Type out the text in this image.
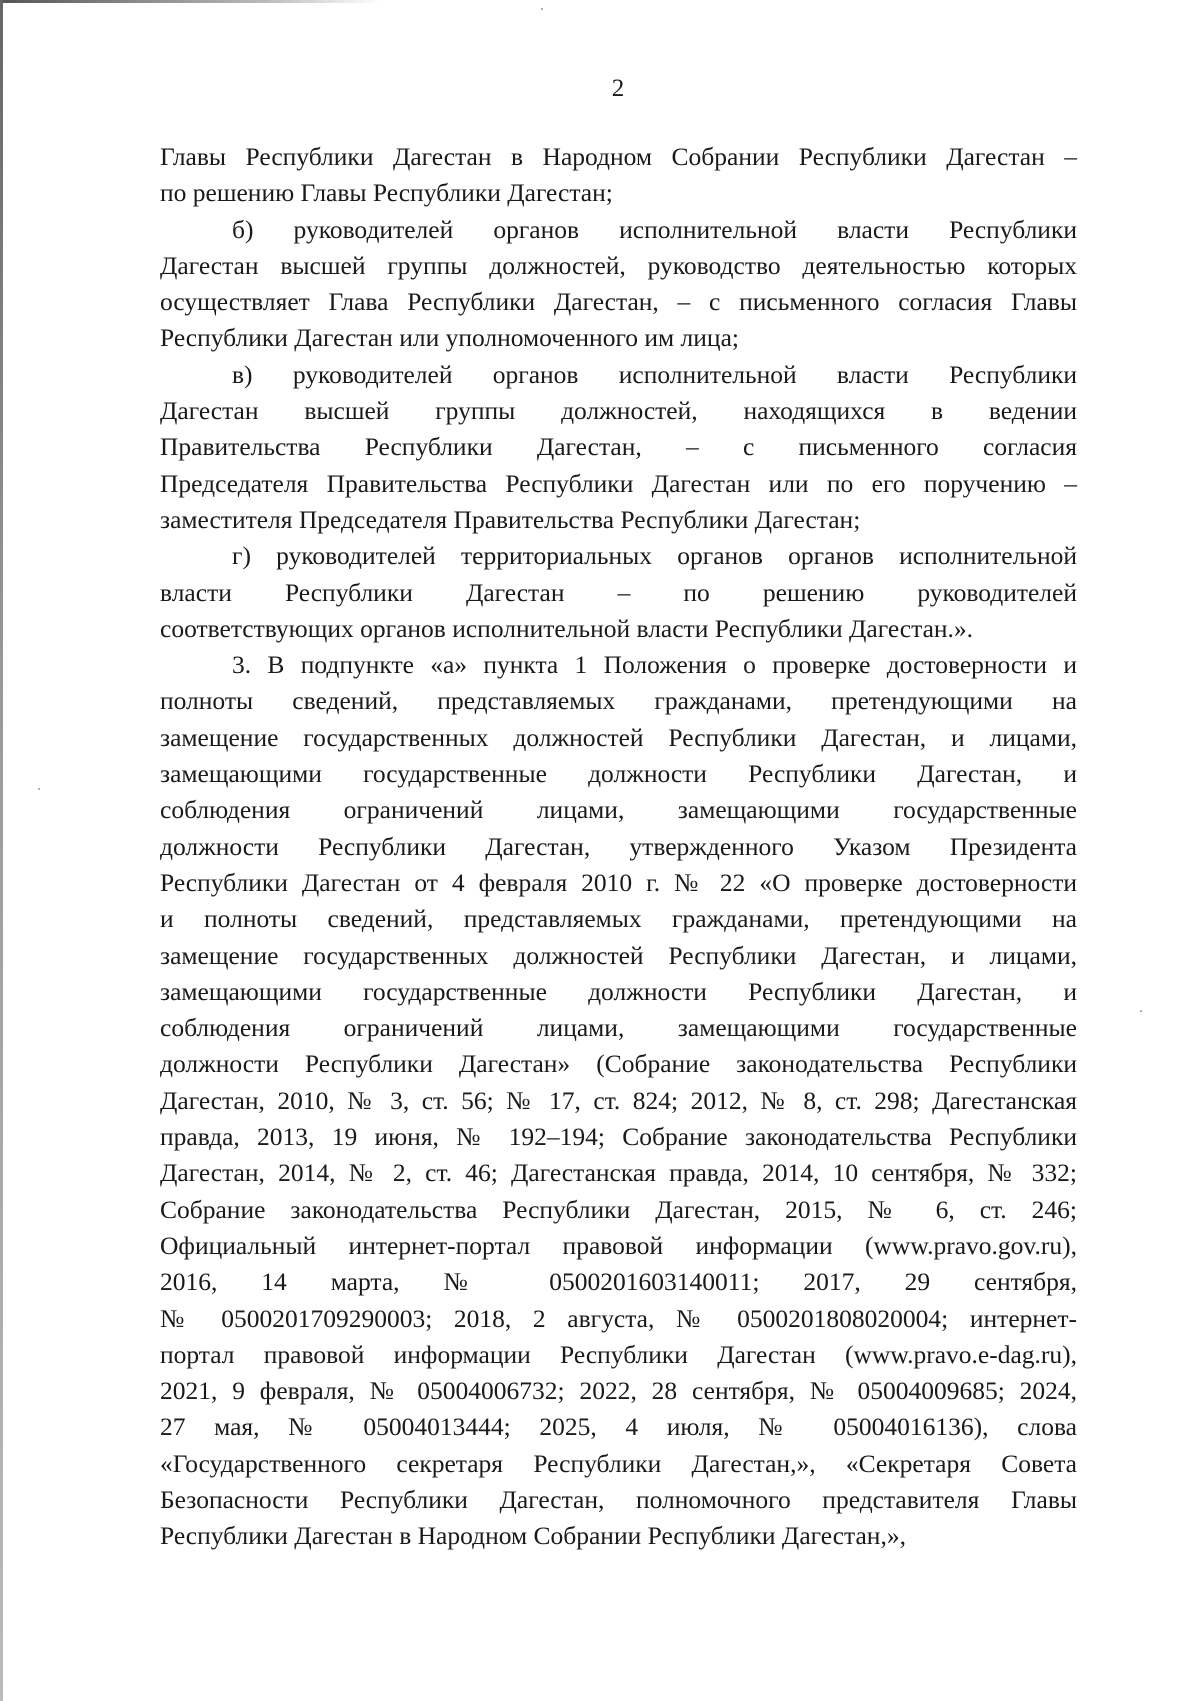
2
Главы Республики Дагестан в Народном Собрании Республики Дагестан –
по решению Главы Республики Дагестан;
б) руководителей органов исполнительной власти Республики
Дагестан высшей группы должностей, руководство деятельностью которых
осуществляет Глава Республики Дагестан, – с письменного согласия Главы
Республики Дагестан или уполномоченного им лица;
в) руководителей органов исполнительной власти Республики
Дагестан высшей группы должностей, находящихся в ведении
Правительства Республики Дагестан, – с письменного согласия
Председателя Правительства Республики Дагестан или по его поручению –
заместителя Председателя Правительства Республики Дагестан;
г) руководителей территориальных органов органов исполнительной
власти Республики Дагестан – по решению руководителей
соответствующих органов исполнительной власти Республики Дагестан.».
3. В подпункте «а» пункта 1 Положения о проверке достоверности и
полноты сведений, представляемых гражданами, претендующими на
замещение государственных должностей Республики Дагестан, и лицами,
замещающими государственные должности Республики Дагестан, и
соблюдения ограничений лицами, замещающими государственные
должности Республики Дагестан, утвержденного Указом Президента
Республики Дагестан от 4 февраля 2010 г. № 22 «О проверке достоверности
и полноты сведений, представляемых гражданами, претендующими на
замещение государственных должностей Республики Дагестан, и лицами,
замещающими государственные должности Республики Дагестан, и
соблюдения ограничений лицами, замещающими государственные
должности Республики Дагестан» (Собрание законодательства Республики
Дагестан, 2010, № 3, ст. 56; № 17, ст. 824; 2012, № 8, ст. 298; Дагестанская
правда, 2013, 19 июня, № 192–194; Собрание законодательства Республики
Дагестан, 2014, № 2, ст. 46; Дагестанская правда, 2014, 10 сентября, № 332;
Собрание законодательства Республики Дагестан, 2015, № 6, ст. 246;
Официальный интернет-портал правовой информации (www.pravo.gov.ru),
2016, 14 марта, № 0500201603140011; 2017, 29 сентября,
№ 0500201709290003; 2018, 2 августа, № 0500201808020004; интернет-
портал правовой информации Республики Дагестан (www.pravo.e-dag.ru),
2021, 9 февраля, № 05004006732; 2022, 28 сентября, № 05004009685; 2024,
27 мая, № 05004013444; 2025, 4 июля, № 05004016136), слова
«Государственного секретаря Республики Дагестан,», «Секретаря Совета
Безопасности Республики Дагестан, полномочного представителя Главы
Республики Дагестан в Народном Собрании Республики Дагестан,»,
